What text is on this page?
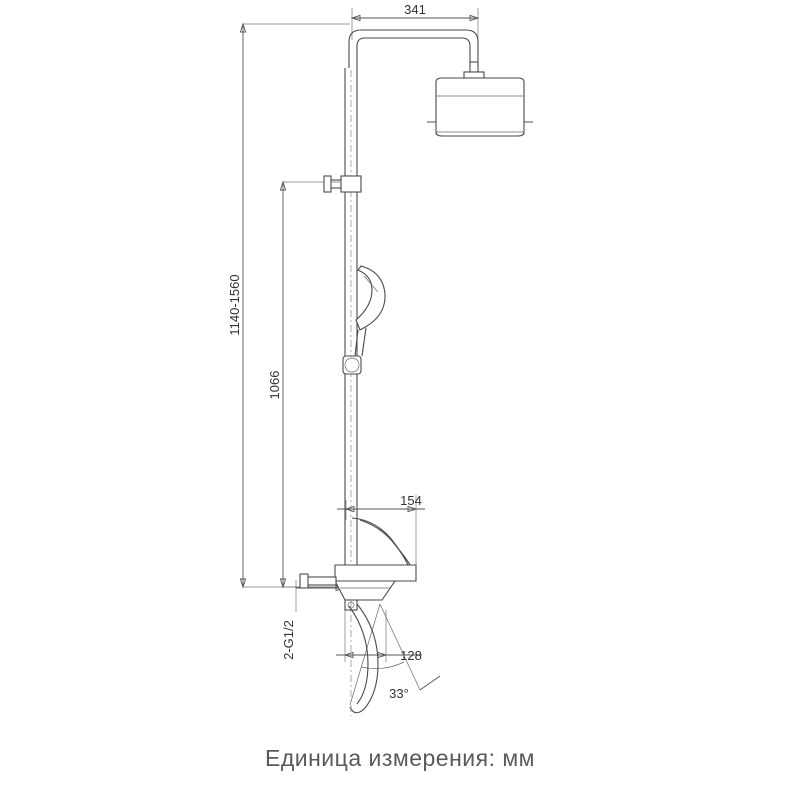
341
1140-1560
1066
154
128
2-G1/2
33°
Единица измерения: мм
